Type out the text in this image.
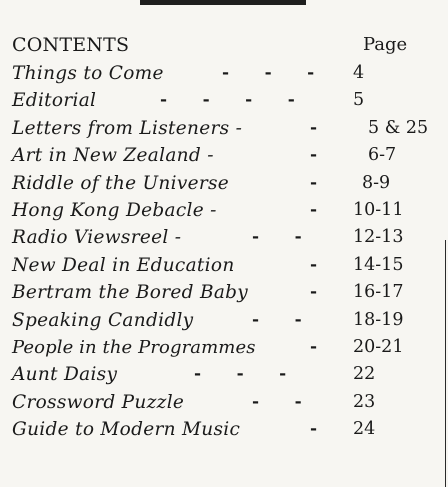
CONTENTS	Page
Things to Come	-      -      - 4
Editorial	-      -      -      -	5
Letters from Listeners -	-	5 & 25
Art in New Zealand -	-	6-7
Riddle of the Universe	-	8-9
Hong Kong Debacle -	- 10-11
Radio Viewsreel -	-      -	12-13
New Deal in Education	- 14-15
Bertram the Bored Baby	- 16-17
Speaking Candidly	-      -	18-19
People in the Programmes	- 20-21
Aunt Daisy	-      -      -	22
Crossword Puzzle	-      -	23
Guide to Modern Music	- 24
